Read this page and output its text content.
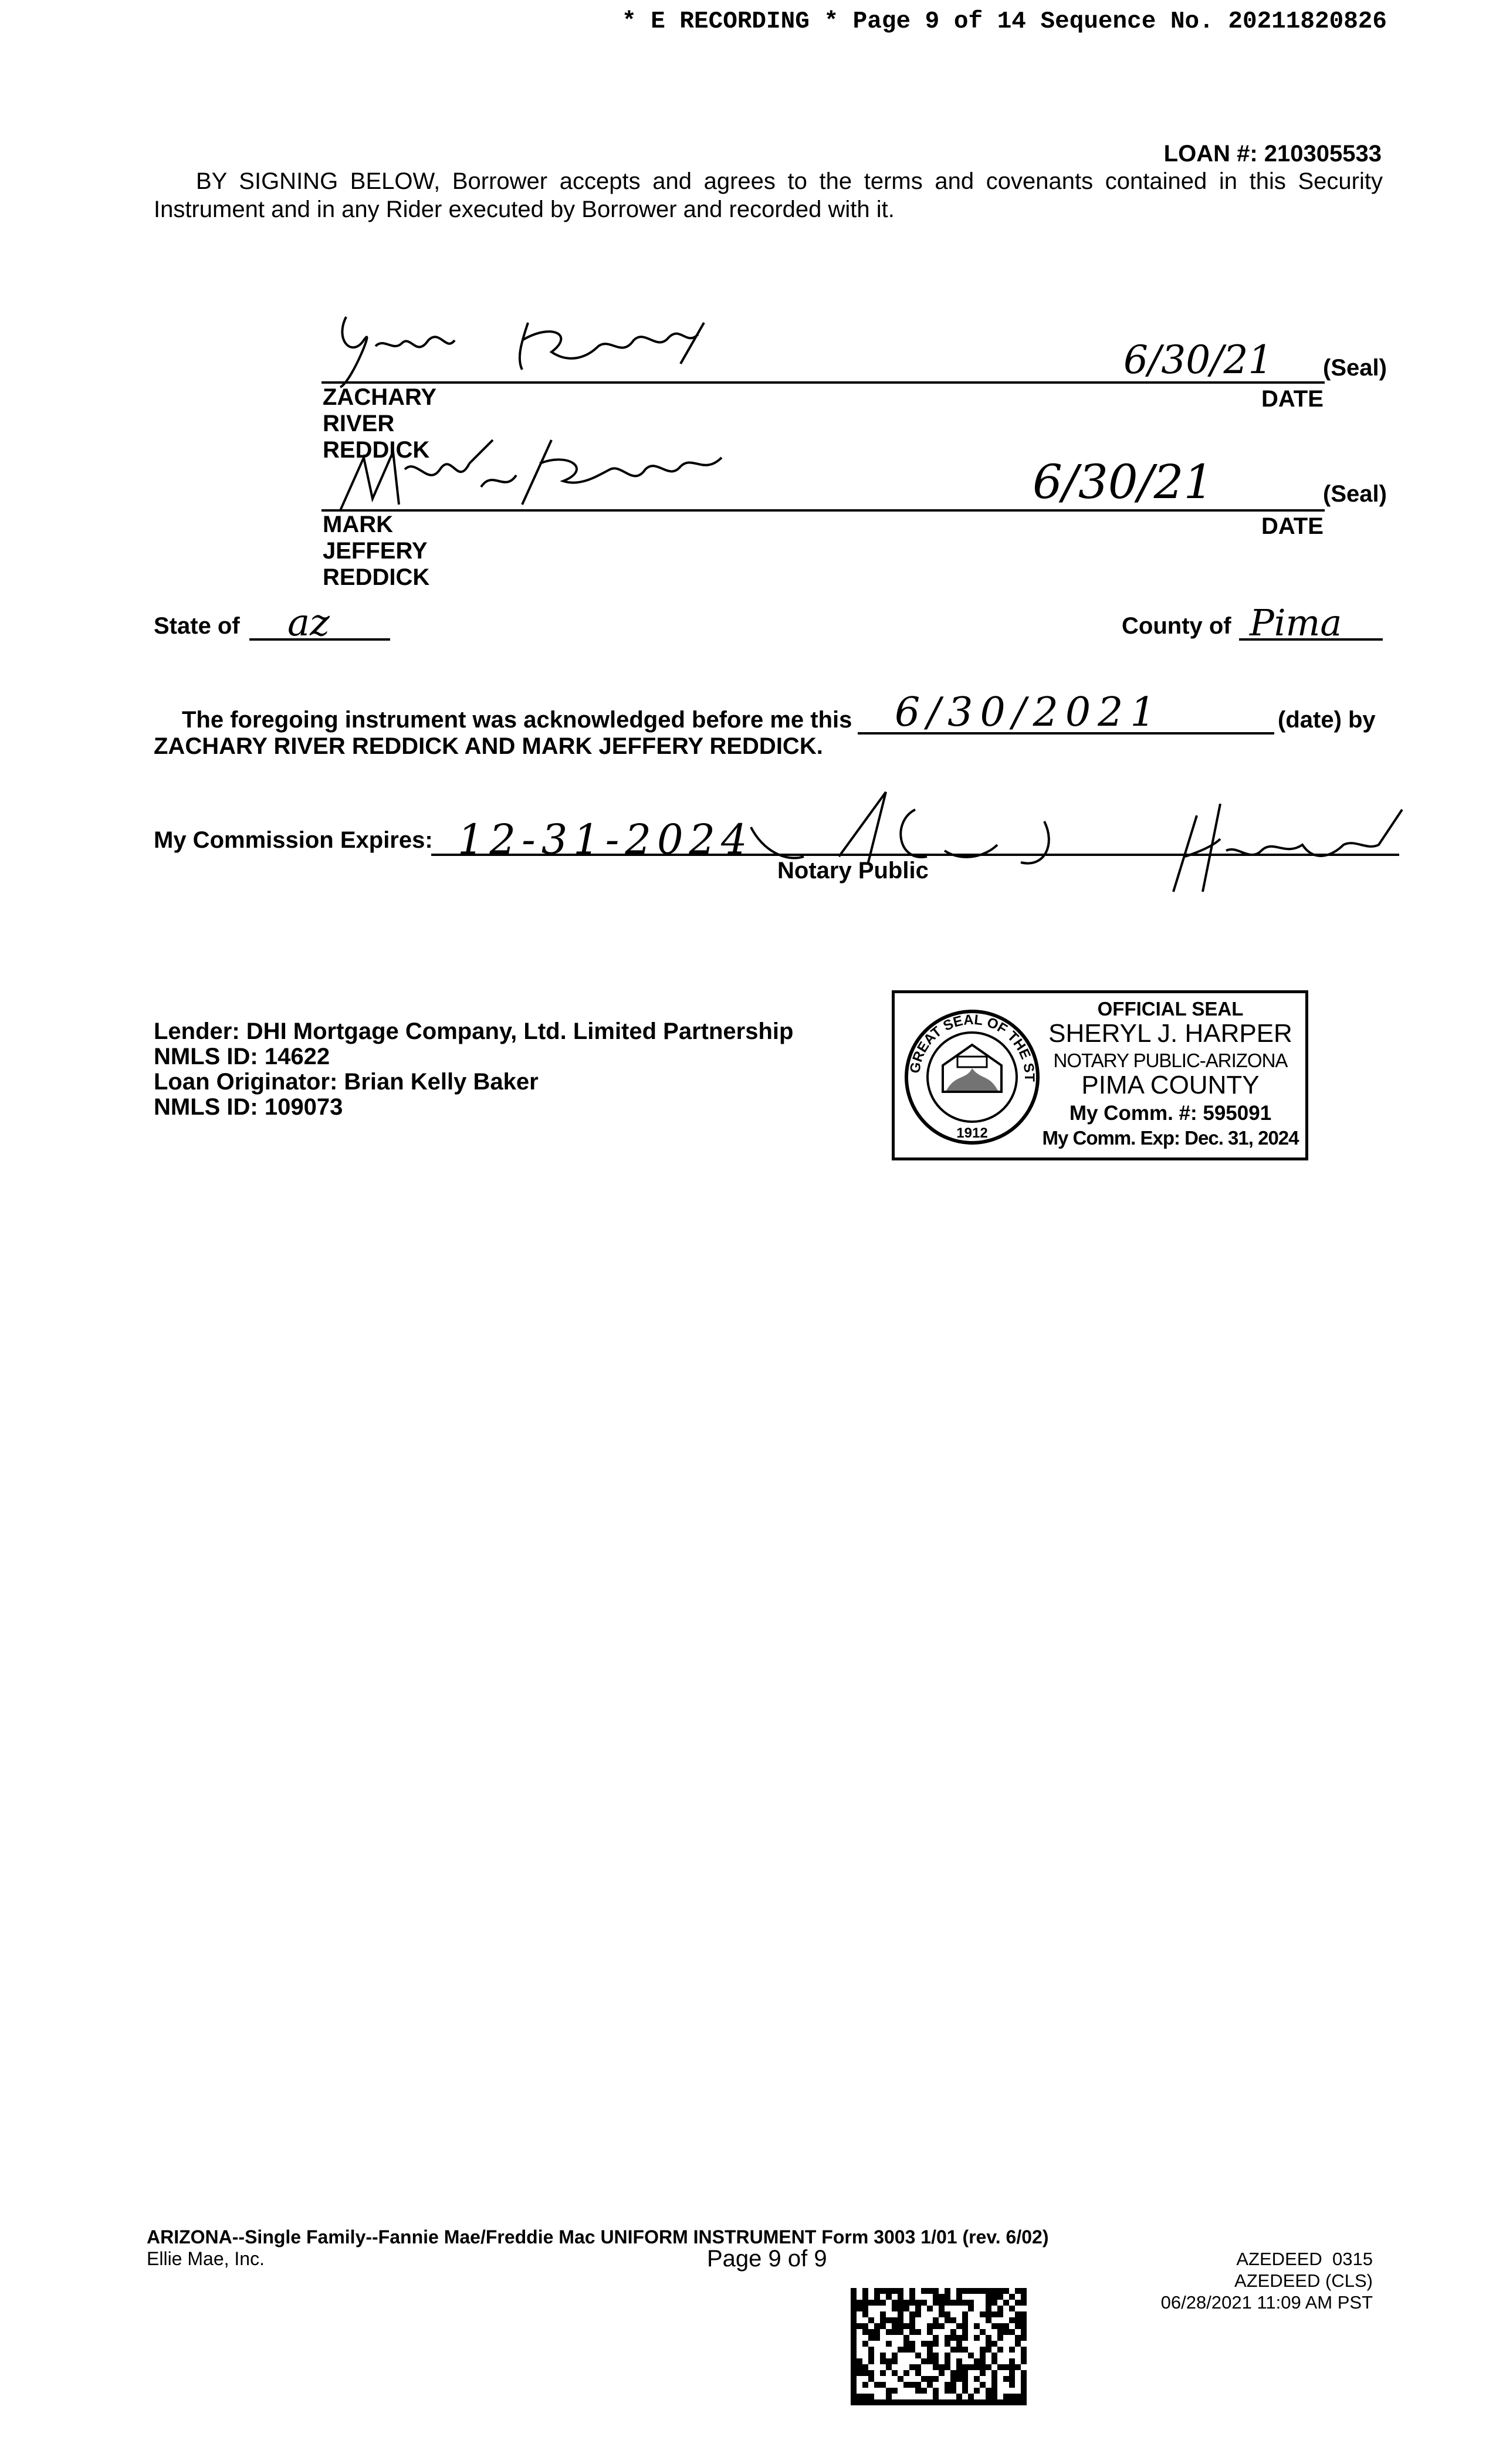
* E RECORDING * Page 9 of 14 Sequence No. 20211820826
LOAN #: 210305533
BY SIGNING BELOW, Borrower accepts and agrees to the terms and covenants contained in this Security Instrument and in any Rider executed by Borrower and recorded with it.
ZACHARY RIVER REDDICK
6/30/21
DATE
(Seal)
MARK JEFFERY REDDICK
6/30/21
DATE
(Seal)
State of az	County of Pima
The foregoing instrument was acknowledged before me this 6/30/2021	(date) by
ZACHARY RIVER REDDICK AND MARK JEFFERY REDDICK.
My Commission Expires: 12-31-2024
Notary Public
Lender: DHI Mortgage Company, Ltd. Limited Partnership
NMLS ID: 14622
Loan Originator: Brian Kelly Baker
NMLS ID: 109073
GREAT SEAL OF THE STATE OF ARIZONA
1912
OFFICIAL SEAL
SHERYL J. HARPER
NOTARY PUBLIC-ARIZONA
PIMA COUNTY
My Comm. #: 595091
My Comm. Exp: Dec. 31, 2024
ARIZONA--Single Family--Fannie Mae/Freddie Mac UNIFORM INSTRUMENT Form 3003 1/01 (rev. 6/02)
Ellie Mae, Inc.	Page 9 of 9	AZEDEED  0315
AZEDEED (CLS)
06/28/2021 11:09 AM PST
